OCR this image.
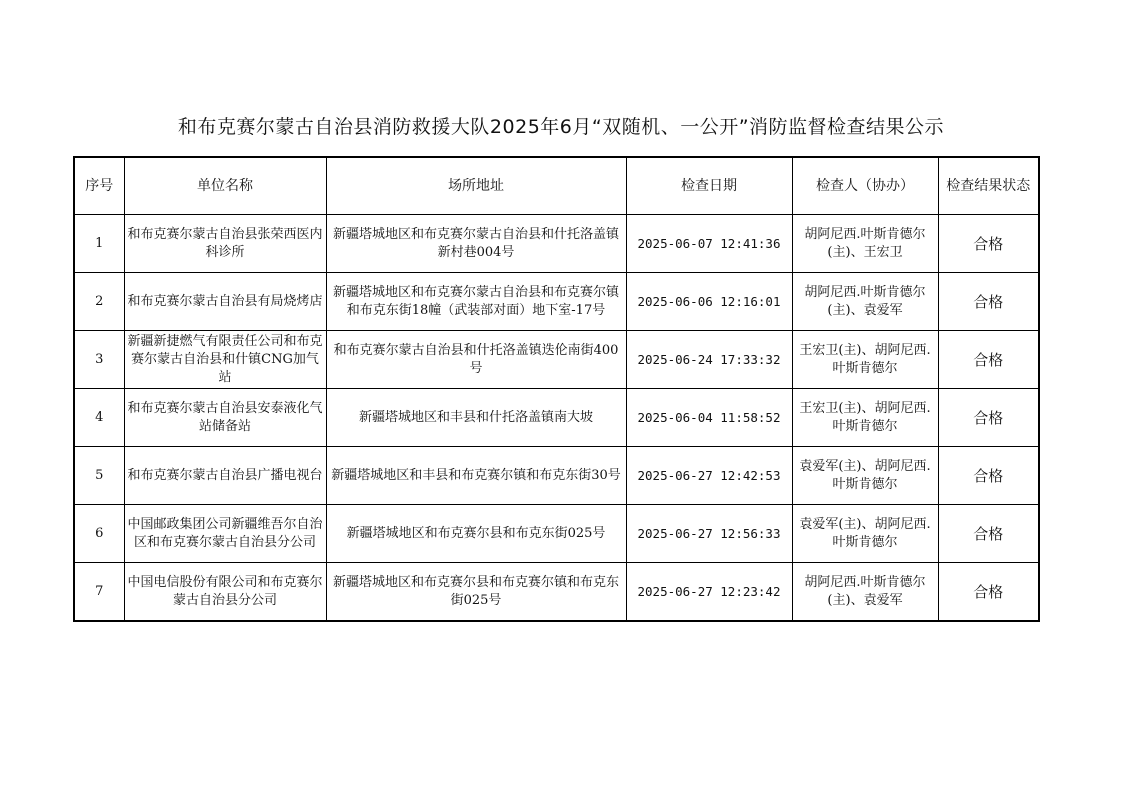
和布克赛尔蒙古自治县消防救援大队2025年6月“双随机、一公开”消防监督检查结果公示
序号	单位名称	场所地址	检查日期	检查人（协办）	检查结果状态
1	和布克赛尔蒙古自治县张荣西医内科诊所	新疆塔城地区和布克赛尔蒙古自治县和什托洛盖镇新村巷004号	2025-06-07 12:41:36	胡阿尼西.叶斯肯德尔(主)、王宏卫	合格
2	和布克赛尔蒙古自治县有局烧烤店	新疆塔城地区和布克赛尔蒙古自治县和布克赛尔镇和布克东街18幢（武装部对面）地下室-17号	2025-06-06 12:16:01	胡阿尼西.叶斯肯德尔(主)、袁爱军	合格
3	新疆新捷燃气有限责任公司和布克赛尔蒙古自治县和什镇CNG加气站	和布克赛尔蒙古自治县和什托洛盖镇迭伦南街400号	2025-06-24 17:33:32	王宏卫(主)、胡阿尼西.叶斯肯德尔	合格
4	和布克赛尔蒙古自治县安泰液化气站储备站	新疆塔城地区和丰县和什托洛盖镇南大坡	2025-06-04 11:58:52	王宏卫(主)、胡阿尼西.叶斯肯德尔	合格
5	和布克赛尔蒙古自治县广播电视台	新疆塔城地区和丰县和布克赛尔镇和布克东街30号	2025-06-27 12:42:53	袁爱军(主)、胡阿尼西.叶斯肯德尔	合格
6	中国邮政集团公司新疆维吾尔自治区和布克赛尔蒙古自治县分公司	新疆塔城地区和布克赛尔县和布克东街025号	2025-06-27 12:56:33	袁爱军(主)、胡阿尼西.叶斯肯德尔	合格
7	中国电信股份有限公司和布克赛尔蒙古自治县分公司	新疆塔城地区和布克赛尔县和布克赛尔镇和布克东街025号	2025-06-27 12:23:42	胡阿尼西.叶斯肯德尔(主)、袁爱军	合格
